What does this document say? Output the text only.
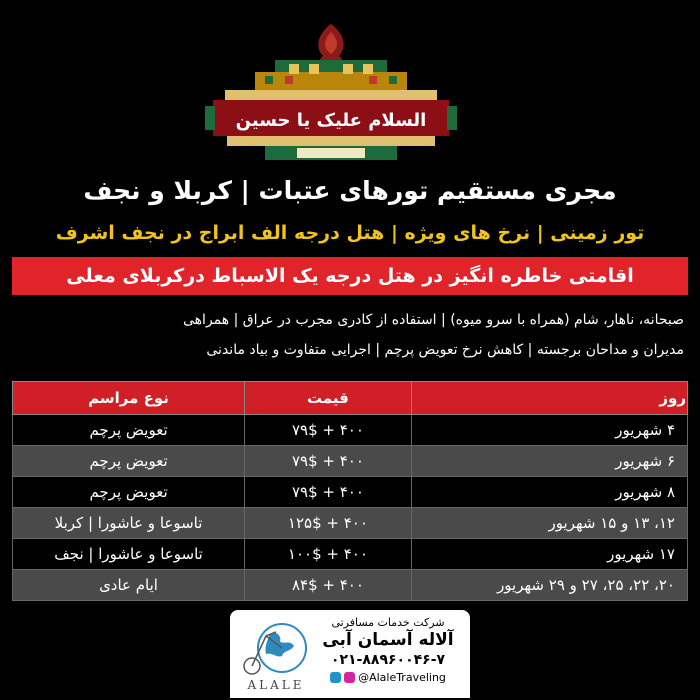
السلام علیک یا حسین
مجری مستقیم تورهای عتبات | کربلا و نجف
تور زمینی | نرخ های ویژه | هتل درجه الف ابراج در نجف اشرف
اقامتی خاطره انگیز در هتل درجه یک الاسباط درکربلای معلی
صبحانه، ناهار، شام (همراه با سرو میوه) | استفاده از کادری مجرب در عراق | همراهی
مدیران و مداحان برجسته | کاهش نرخ تعویض پرچم | اجرایی متفاوت و بیاد ماندنی
روز	قیمت	نوع مراسم
۴ شهریور	۴۰۰ + ۷۹$	تعویض پرچم
۶ شهریور	۴۰۰ + ۷۹$	تعویض پرچم
۸ شهریور	۴۰۰ + ۷۹$	تعویض پرچم
۱۲، ۱۳ و ۱۵ شهریور	۴۰۰ + ۱۲۵$	تاسوعا و عاشورا | کربلا
۱۷ شهریور	۴۰۰ + ۱۰۰$	تاسوعا و عاشورا | نجف
۲۰، ۲۲، ۲۵، ۲۷ و ۲۹ شهریور	۴۰۰ + ۸۴$	ایام عادی
ALALE
شرکت خدمات مسافرتی
آلاله آسمان آبی
۰۲۱-۸۸۹۶۰۰۴۶-۷
@AlaleTraveling
